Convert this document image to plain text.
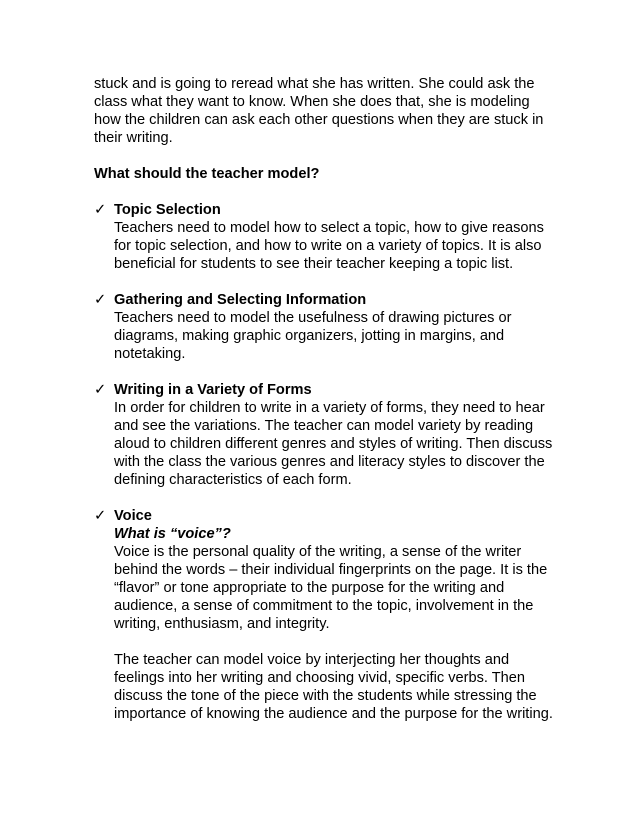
stuck and is going to reread what she has written. She could ask the class what they want to know. When she does that, she is modeling how the children can ask each other questions when they are stuck in their writing.

What should the teacher model?

✓ Topic Selection

Teachers need to model how to select a topic, how to give reasons for topic selection, and how to write on a variety of topics. It is also beneficial for students to see their teacher keeping a topic list.

✓ Gathering and Selecting Information

Teachers need to model the usefulness of drawing pictures or diagrams, making graphic organizers, jotting in margins, and notetaking.

✓ Writing in a Variety of Forms

In order for children to write in a variety of forms, they need to hear and see the variations. The teacher can model variety by reading aloud to children different genres and styles of writing. Then discuss with the class the various genres and literacy styles to discover the defining characteristics of each form.

✓ Voice
What is “voice”?

Voice is the personal quality of the writing, a sense of the writer behind the words – their individual fingerprints on the page. It is the “flavor” or tone appropriate to the purpose for the writing and audience, a sense of commitment to the topic, involvement in the writing, enthusiasm, and integrity.

The teacher can model voice by interjecting her thoughts and feelings into her writing and choosing vivid, specific verbs. Then discuss the tone of the piece with the students while stressing the importance of knowing the audience and the purpose for the writing.
